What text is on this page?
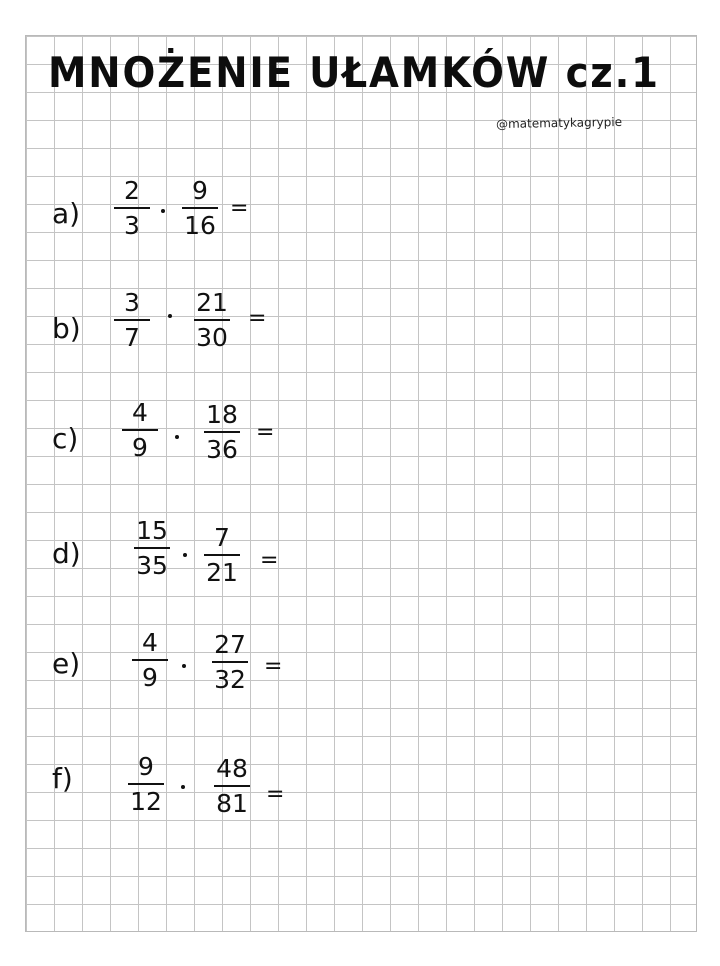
MNOŻENIE UŁAMKÓW cz.1
@matematykagrypie
a)
2
3
9
16
=
b)
3
7
21
30
=
c)
4
9
18
36
=
d)
15
35
7
21 =
e)
4
9
27
32 =
f)	9
12
48
81 =
